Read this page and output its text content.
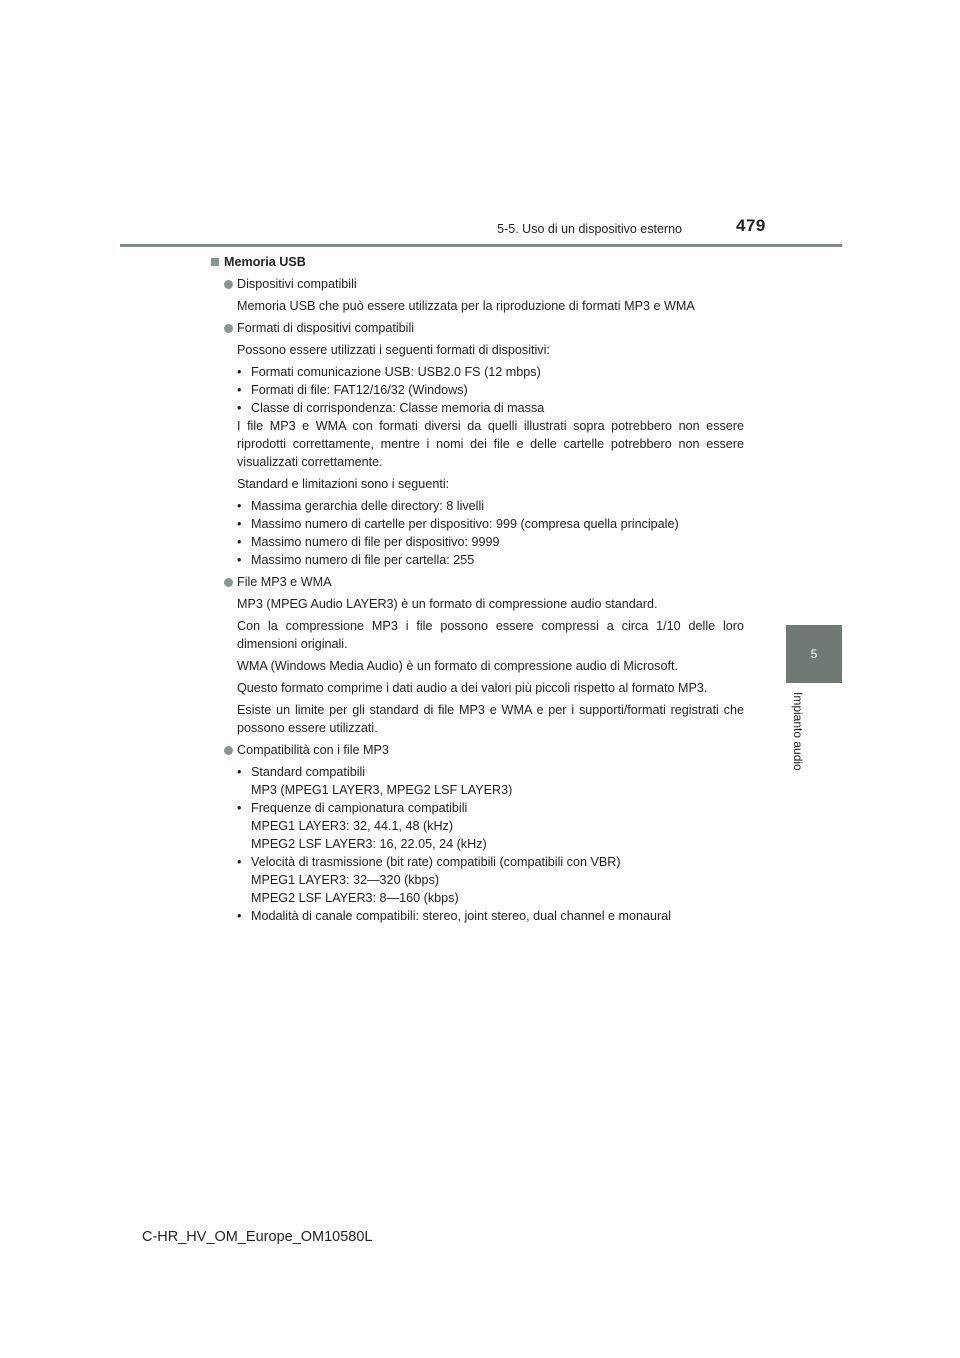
5-5. Uso di un dispositivo esterno	479
5
Impianto audio
Memoria USB
Dispositivi compatibili
Memoria USB che può essere utilizzata per la riproduzione di formati MP3 e WMA
Formati di dispositivi compatibili
Possono essere utilizzati i seguenti formati di dispositivi:
• Formati comunicazione USB: USB2.0 FS (12 mbps)
• Formati di file: FAT12/16/32 (Windows)
• Classe di corrispondenza: Classe memoria di massa
I file MP3 e WMA con formati diversi da quelli illustrati sopra potrebbero non essere riprodotti correttamente, mentre i nomi dei file e delle cartelle potrebbero non essere visualizzati correttamente.
Standard e limitazioni sono i seguenti:
• Massima gerarchia delle directory: 8 livelli
• Massimo numero di cartelle per dispositivo: 999 (compresa quella principale)
• Massimo numero di file per dispositivo: 9999
• Massimo numero di file per cartella: 255
File MP3 e WMA
MP3 (MPEG Audio LAYER3) è un formato di compressione audio standard.
Con la compressione MP3 i file possono essere compressi a circa 1/10 delle loro dimensioni originali.
WMA (Windows Media Audio) è un formato di compressione audio di Microsoft.
Questo formato comprime i dati audio a dei valori più piccoli rispetto al formato MP3.
Esiste un limite per gli standard di file MP3 e WMA e per i supporti/formati registrati che possono essere utilizzati.
Compatibilità con i file MP3
• Standard compatibili
MP3 (MPEG1 LAYER3, MPEG2 LSF LAYER3)
• Frequenze di campionatura compatibili
MPEG1 LAYER3: 32, 44.1, 48 (kHz)
MPEG2 LSF LAYER3: 16, 22.05, 24 (kHz)
• Velocità di trasmissione (bit rate) compatibili (compatibili con VBR)
MPEG1 LAYER3: 32—320 (kbps)
MPEG2 LSF LAYER3: 8—160 (kbps)
• Modalità di canale compatibili: stereo, joint stereo, dual channel e monaural
C-HR_HV_OM_Europe_OM10580L
